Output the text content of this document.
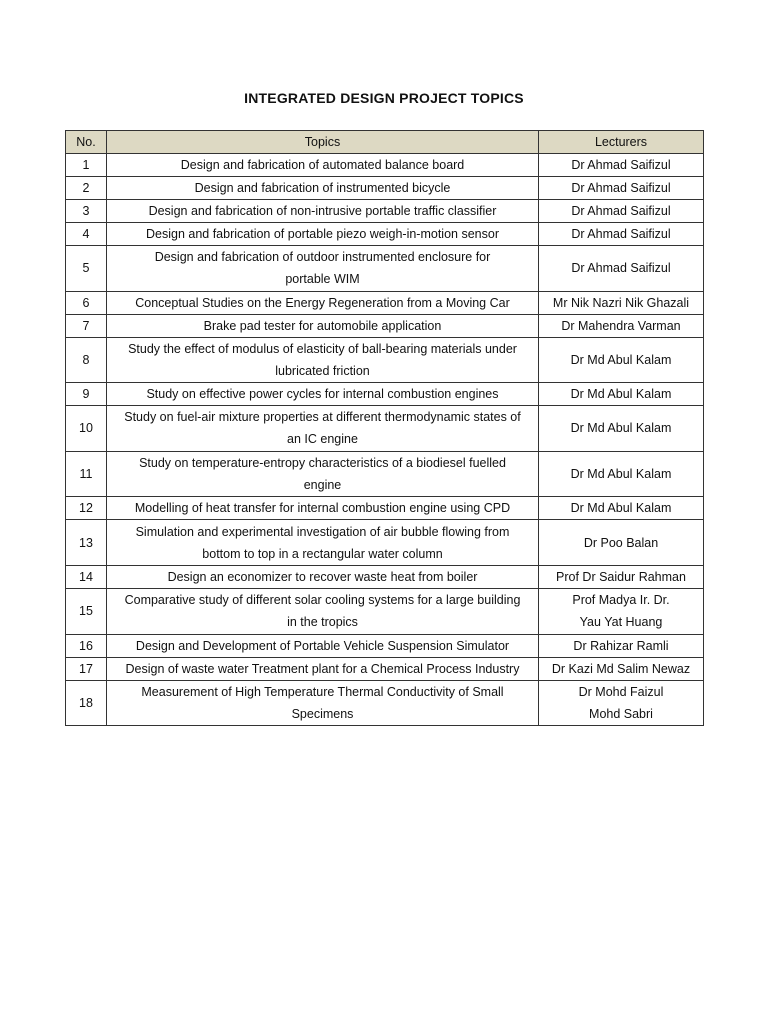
INTEGRATED DESIGN PROJECT TOPICS
No.	Topics	Lecturers
1	Design and fabrication of automated balance board	Dr Ahmad Saifizul

2	Design and fabrication of instrumented bicycle	Dr Ahmad Saifizul

3	Design and fabrication of non-intrusive portable traffic classifier	Dr Ahmad Saifizul

4	Design and fabrication of portable piezo weigh-in-motion sensor	Dr Ahmad Saifizul

5	Design and fabrication of outdoor instrumented enclosure for
portable WIM	Dr Ahmad Saifizul

6	Conceptual Studies on the Energy Regeneration from a Moving Car	Mr Nik Nazri Nik Ghazali

7	Brake pad tester for automobile application	Dr Mahendra Varman

8	Study the effect of modulus of elasticity of ball-bearing materials under
lubricated friction	Dr Md Abul Kalam

9	Study on effective power cycles for internal combustion engines	Dr Md Abul Kalam

10	Study on fuel-air mixture properties at different thermodynamic states of
an IC engine	Dr Md Abul Kalam

11	Study on temperature-entropy characteristics of a biodiesel fuelled
engine	Dr Md Abul Kalam

12	Modelling of heat transfer for internal combustion engine using CPD	Dr Md Abul Kalam

13	Simulation and experimental investigation of air bubble flowing from
bottom to top in a rectangular water column	Dr Poo Balan

14	Design an economizer to recover waste heat from boiler	Prof Dr Saidur Rahman

15	Comparative study of different solar cooling systems for a large building
in the tropics	Prof Madya Ir. Dr.
Yau Yat Huang

16	Design and Development of Portable Vehicle Suspension Simulator	Dr Rahizar Ramli

17	Design of waste water Treatment plant for a Chemical Process Industry	Dr Kazi Md Salim Newaz

18	Measurement of High Temperature Thermal Conductivity of Small
Specimens	Dr Mohd Faizul
Mohd Sabri
